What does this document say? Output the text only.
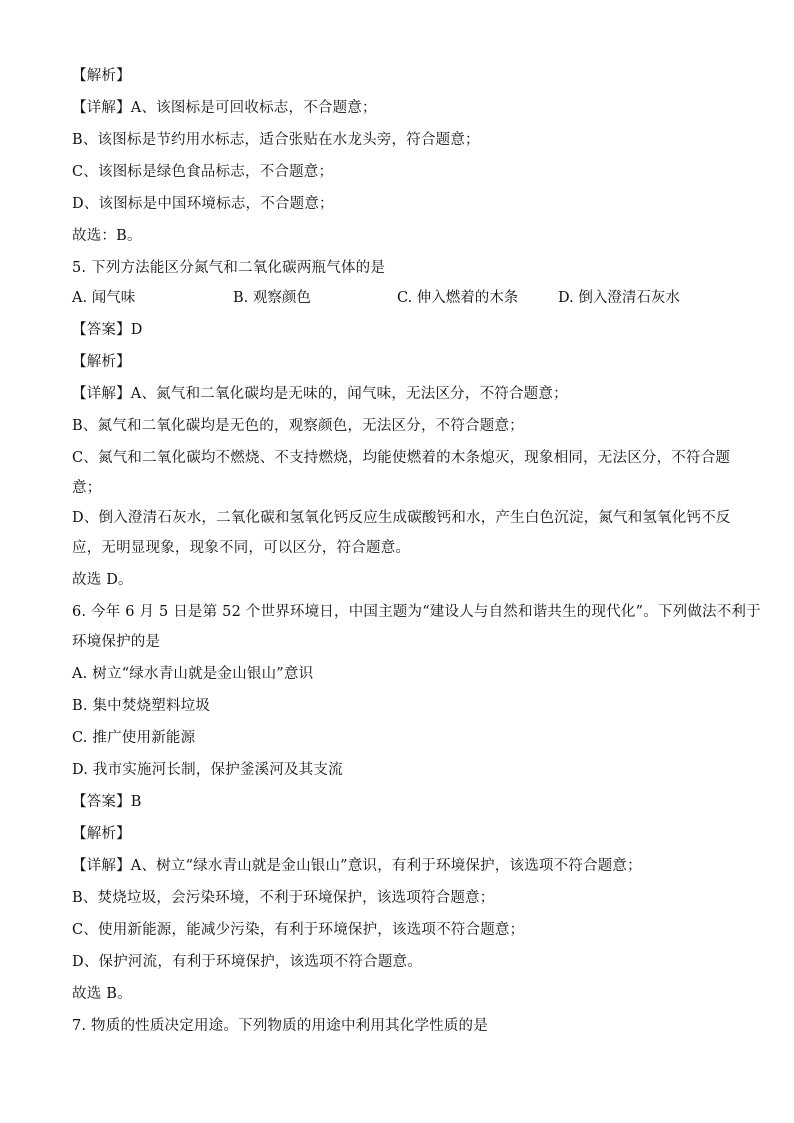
【解析】
【详解】A、该图标是可回收标志，不合题意；
B、该图标是节约用水标志，适合张贴在水龙头旁，符合题意；
C、该图标是绿色食品标志，不合题意；
D、该图标是中国环境标志，不合题意；
故选：B。
5. 下列方法能区分氮气和二氧化碳两瓶气体的是
A. 闻气味	B. 观察颜色	C. 伸入燃着的木条	D. 倒入澄清石灰水
【答案】D
【解析】
【详解】A、氮气和二氧化碳均是无味的，闻气味，无法区分，不符合题意；
B、氮气和二氧化碳均是无色的，观察颜色，无法区分，不符合题意；
C、氮气和二氧化碳均不燃烧、不支持燃烧，均能使燃着的木条熄灭，现象相同，无法区分，不符合题
意；
D、倒入澄清石灰水，二氧化碳和氢氧化钙反应生成碳酸钙和水，产生白色沉淀，氮气和氢氧化钙不反
应，无明显现象，现象不同，可以区分，符合题意。
故选 D。
6. 今年 6 月 5 日是第 52 个世界环境日，中国主题为“建设人与自然和谐共生的现代化”。下列做法不利于
环境保护的是
A. 树立“绿水青山就是金山银山”意识
B. 集中焚烧塑料垃圾
C. 推广使用新能源
D. 我市实施河长制，保护釜溪河及其支流
【答案】B
【解析】
【详解】A、树立“绿水青山就是金山银山”意识，有利于环境保护，该选项不符合题意；
B、焚烧垃圾，会污染环境，不利于环境保护，该选项符合题意；
C、使用新能源，能减少污染，有利于环境保护，该选项不符合题意；
D、保护河流，有利于环境保护，该选项不符合题意。
故选 B。
7. 物质的性质决定用途。下列物质的用途中利用其化学性质的是
